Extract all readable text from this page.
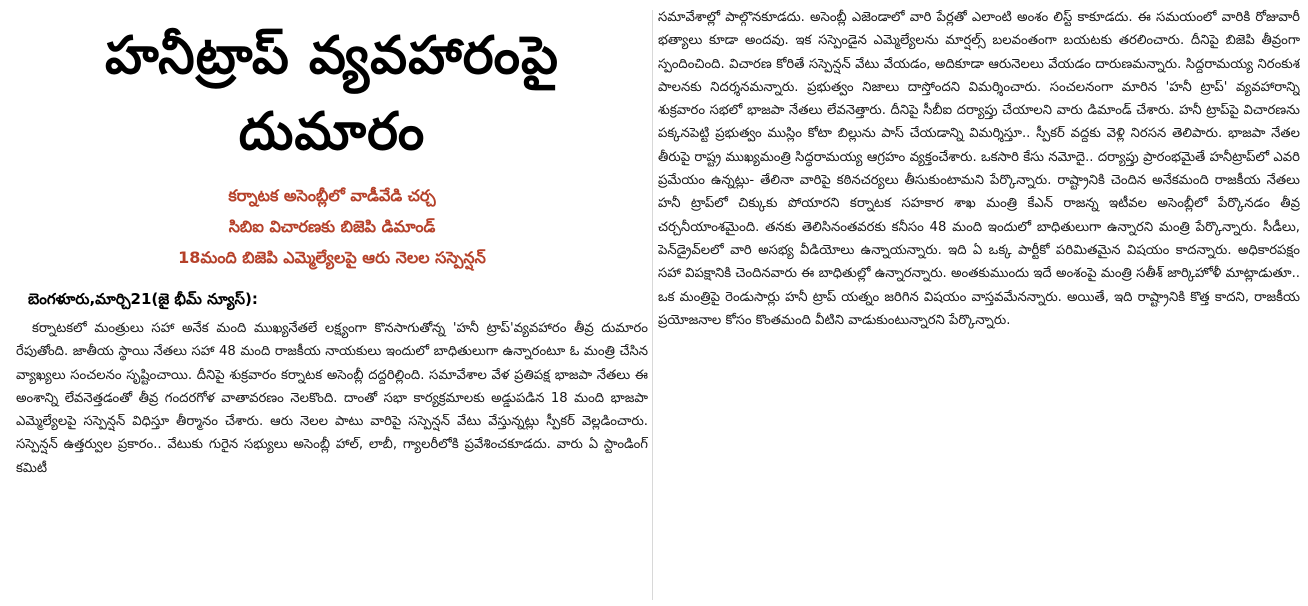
హనీట్రాప్ వ్యవహారంపై దుమారం
కర్నాటక అసెంబ్లీలో వాడీవేడి చర్చ
సిబిఐ విచారణకు బిజెపి డిమాండ్
18మంది బిజెపి ఎమ్మెల్యేలపై ఆరు నెలల సస్పెన్షన్
బెంగళూరు,మార్చి21(జై భీమ్ న్యూస్):

కర్నాటకలో మంత్రులు సహా అనేక మంది ముఖ్యనేతలే లక్ష్యంగా కొనసాగుతోన్న 'హనీ ట్రాప్'వ్యవహారం తీవ్ర దుమారం రేపుతోంది. జాతీయ స్థాయి నేతలు సహా 48 మంది రాజకీయ నాయకులు ఇందులో బాధితులుగా ఉన్నారంటూ ఓ మంత్రి చేసిన వ్యాఖ్యలు సంచలనం సృష్టించాయి. దీనిపై శుక్రవారం కర్నాటక అసెంబ్లీ దద్దరిల్లింది. సమావేశాల వేళ ప్రతిపక్ష భాజపా నేతలు ఈ అంశాన్ని లేవనెత్తడంతో తీవ్ర గందరగోళ వాతావరణం నెలకొంది. దాంతో సభా కార్యక్రమాలకు అడ్డుపడిన 18 మంది భాజపా ఎమ్మెల్యేలపై సస్పెన్షన్ విధిస్తూ తీర్మానం చేశారు. ఆరు నెలల పాటు వారిపై సస్పెన్షన్ వేటు వేస్తున్నట్లు స్పీకర్ వెల్లడించారు. సస్పెన్షన్ ఉత్తర్వుల ప్రకారం.. వేటుకు గురైన సభ్యులు అసెంబ్లీ హాల్, లాబీ, గ్యాలరీలోకి ప్రవేశించకూడదు. వారు ఏ స్టాండింగ్ కమిటీ

సమావేశాల్లో పాల్గొనకూడదు. అసెంబ్లీ ఎజెండాలో వారి పేర్లతో ఎలాంటి అంశం లిస్ట్ కాకూడదు. ఈ సమయంలో వారికి రోజువారీ భత్యాలు కూడా అందవు. ఇక సస్పెండైన ఎమ్మెల్యేలను మార్షల్స్ బలవంతంగా బయటకు తరలించారు. దీనిపై బిజెపి తీవ్రంగా స్పందించింది. విచారణ కోరితే సస్పెన్షన్ వేటు వేయడం, అదికూడా ఆరునెలలు వేయడం దారుణమన్నారు. సిద్దరామయ్య నిరంకుశ పాలనకు నిదర్శనమన్నారు. ప్రభుత్వం నిజాలు దాస్తోందని విమర్శించారు. సంచలనంగా మారిన 'హనీ ట్రాప్' వ్యవహారాన్ని శుక్రవారం సభలో భాజపా నేతలు లేవనెత్తారు. దీనిపై సీబీఐ దర్యాప్తు చేయాలని వారు డిమాండ్ చేశారు. హనీ ట్రాప్‌పై విచారణను పక్కనపెట్టి ప్రభుత్వం ముస్లిం కోటా బిల్లును పాస్ చేయడాన్ని విమర్శిస్తూ.. స్పీకర్ వద్దకు వెళ్లి నిరసన తెలిపారు. భాజపా నేతల తీరుపై రాష్ట్ర ముఖ్యమంత్రి సిద్ధరామయ్య ఆగ్రహం వ్యక్తంచేశారు. ఒకసారి కేసు నమోదై.. దర్యాప్తు ప్రారంభమైతే హనీట్రాప్‌లో ఎవరి ప్రమేయం ఉన్నట్లు- తేలినా వారిపై కఠినచర్యలు తీసుకుంటామని పేర్కొన్నారు. రాష్ట్రానికి చెందిన అనేకమంది రాజకీయ నేతలు హనీ ట్రాప్‌లో చిక్కుకు పోయారని కర్నాటక సహకార శాఖ మంత్రి కేఎన్ రాజన్న ఇటీవల అసెంబ్లీలో పేర్కొనడం తీవ్ర చర్చనీయాంశమైంది. తనకు తెలిసినంతవరకు కనీసం 48 మంది ఇందులో బాధితులుగా ఉన్నారని మంత్రి పేర్కొన్నారు. సీడీలు, పెన్‌డ్రైవ్‌లలో వారి అసభ్య వీడియోలు ఉన్నాయన్నారు. ఇది ఏ ఒక్క పార్టీకో పరిమితమైన విషయం కాదన్నారు. అధికారపక్షం సహా విపక్షానికి చెందినవారు ఈ బాధితుల్లో ఉన్నారన్నారు. అంతకుముందు ఇదే అంశంపై మంత్రి సతీశ్ జార్కిహోళీ మాట్లాడుతూ.. ఒక మంత్రిపై రెండుసార్లు హనీ ట్రాప్ యత్నం జరిగిన విషయం వాస్తవమేనన్నారు. అయితే, ఇది రాష్ట్రానికి కొత్త కాదని, రాజకీయ ప్రయోజనాల కోసం కొంతమంది వీటిని వాడుకుంటున్నారని పేర్కొన్నారు.
